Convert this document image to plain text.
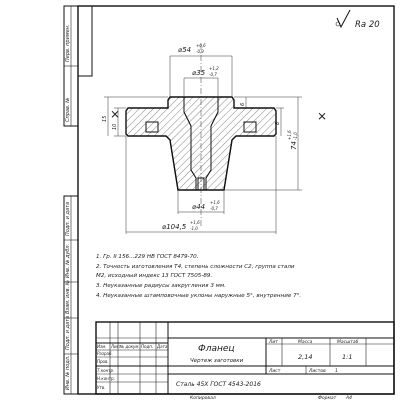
Перв. примен.
Справ. №
Подп. и дата
Инв. № дубл.
Взам. инв. №
Подп. и дата
Инв. № подл.
Ra 20
⌀54
+0,6
-0,9
⌀35
+1,2
-0,7
⌀44
+1,6
-0,7
⌀104,5
+1,6
-1,0
74
+1,6 -1,0
6
8
10
15 ⨯	⨯
1. Гр. II 156...229 НВ ГОСТ 8479-70.
2. Точность изготовления Т4, степень сложности С2, группа стали
М2, исходный индекс 13 ГОСТ 7505-89.
3. Неуказанные радиусы закругления 3 мм.
4. Неуказанные штамповочные уклоны наружные 5°, внутренние 7°.
Изм. Лист
№ докум. Подп. Дата
Разраб.
Пров.
Т.контр.
Н.контр.
Утв.
Фланец
Чертеж заготовки
Сталь 45Х ГОСТ 4543-2016
Лит	Масса	Масштаб
2,14	1:1
Лист	Листов 1
Копировал	Формат A4
